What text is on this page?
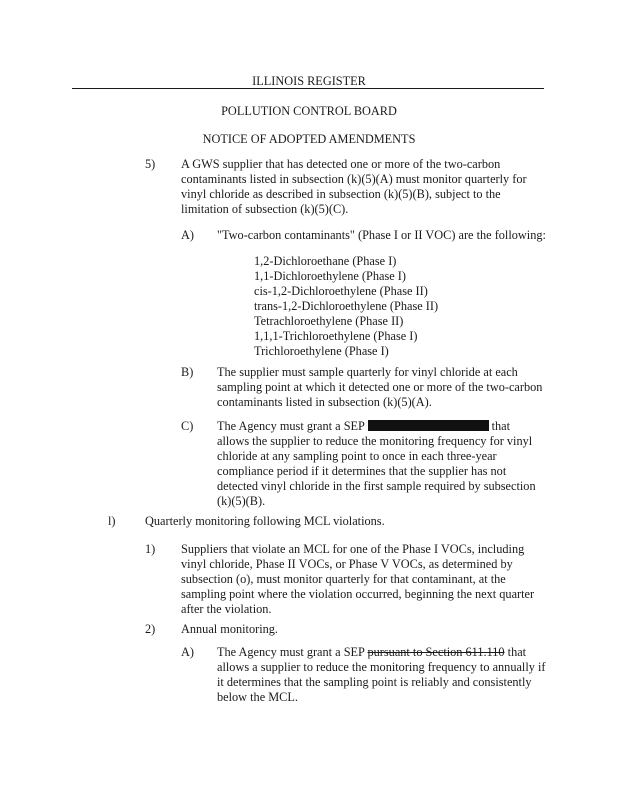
ILLINOIS REGISTER
POLLUTION CONTROL BOARD
NOTICE OF ADOPTED AMENDMENTS
5) A GWS supplier that has detected one or more of the two-carbon
contaminants listed in subsection (k)(5)(A) must monitor quarterly for
vinyl chloride as described in subsection (k)(5)(B), subject to the
limitation of subsection (k)(5)(C).
A) "Two-carbon contaminants" (Phase I or II VOC) are the following:
1,2-Dichloroethane (Phase I)
1,1-Dichloroethylene (Phase I)
cis-1,2-Dichloroethylene (Phase II)
trans-1,2-Dichloroethylene (Phase II)
Tetrachloroethylene (Phase II)
1,1,1-Trichloroethylene (Phase I)
Trichloroethylene (Phase I)
B) The supplier must sample quarterly for vinyl chloride at each
sampling point at which it detected one or more of the two-carbon
contaminants listed in subsection (k)(5)(A).
C) The Agency must grant a SEP	that
allows the supplier to reduce the monitoring frequency for vinyl
chloride at any sampling point to once in each three-year
compliance period if it determines that the supplier has not
detected vinyl chloride in the first sample required by subsection
(k)(5)(B).
l) Quarterly monitoring following MCL violations.
1) Suppliers that violate an MCL for one of the Phase I VOCs, including
vinyl chloride, Phase II VOCs, or Phase V VOCs, as determined by
subsection (o), must monitor quarterly for that contaminant, at the
sampling point where the violation occurred, beginning the next quarter
after the violation.
2) Annual monitoring.
A) The Agency must grant a SEP pursuant to Section 611.110 that
allows a supplier to reduce the monitoring frequency to annually if
it determines that the sampling point is reliably and consistently
below the MCL.
